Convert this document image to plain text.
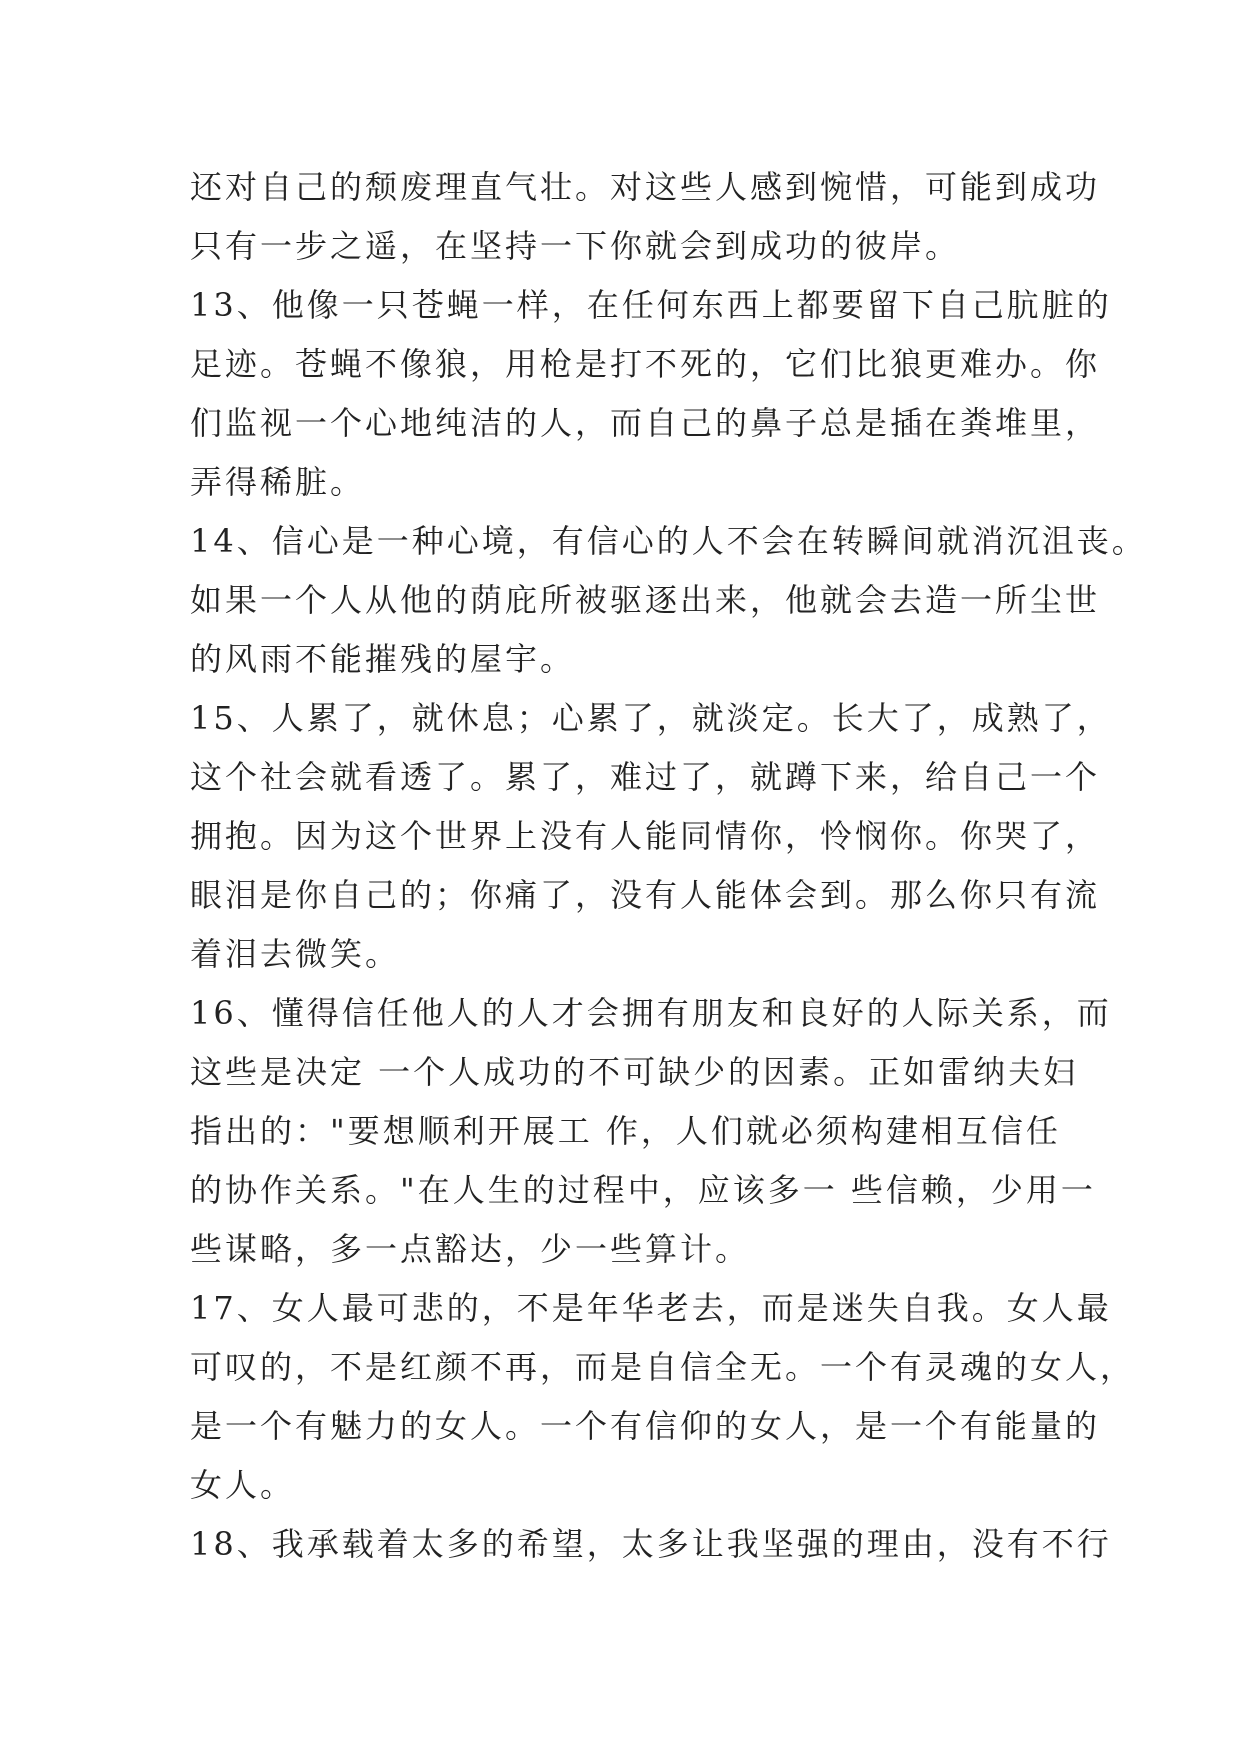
还对自己的颓废理直气壮。对这些人感到惋惜，可能到成功
只有一步之遥，在坚持一下你就会到成功的彼岸。
13、他像一只苍蝇一样，在任何东西上都要留下自己肮脏的
足迹。苍蝇不像狼，用枪是打不死的，它们比狼更难办。你
们监视一个心地纯洁的人，而自己的鼻子总是插在粪堆里，
弄得稀脏。
14、信心是一种心境，有信心的人不会在转瞬间就消沉沮丧。
如果一个人从他的荫庇所被驱逐出来，他就会去造一所尘世
的风雨不能摧残的屋宇。
15、人累了，就休息；心累了，就淡定。长大了，成熟了，
这个社会就看透了。累了，难过了，就蹲下来，给自己一个
拥抱。因为这个世界上没有人能同情你，怜悯你。你哭了，
眼泪是你自己的；你痛了，没有人能体会到。那么你只有流
着泪去微笑。
16、懂得信任他人的人才会拥有朋友和良好的人际关系，而
这些是决定 一个人成功的不可缺少的因素。正如雷纳夫妇
指出的："要想顺利开展工 作，人们就必须构建相互信任
的协作关系。"在人生的过程中，应该多一 些信赖，少用一
些谋略，多一点豁达，少一些算计。
17、女人最可悲的，不是年华老去，而是迷失自我。女人最
可叹的，不是红颜不再，而是自信全无。一个有灵魂的女人，
是一个有魅力的女人。一个有信仰的女人，是一个有能量的
女人。
18、我承载着太多的希望，太多让我坚强的理由，没有不行
